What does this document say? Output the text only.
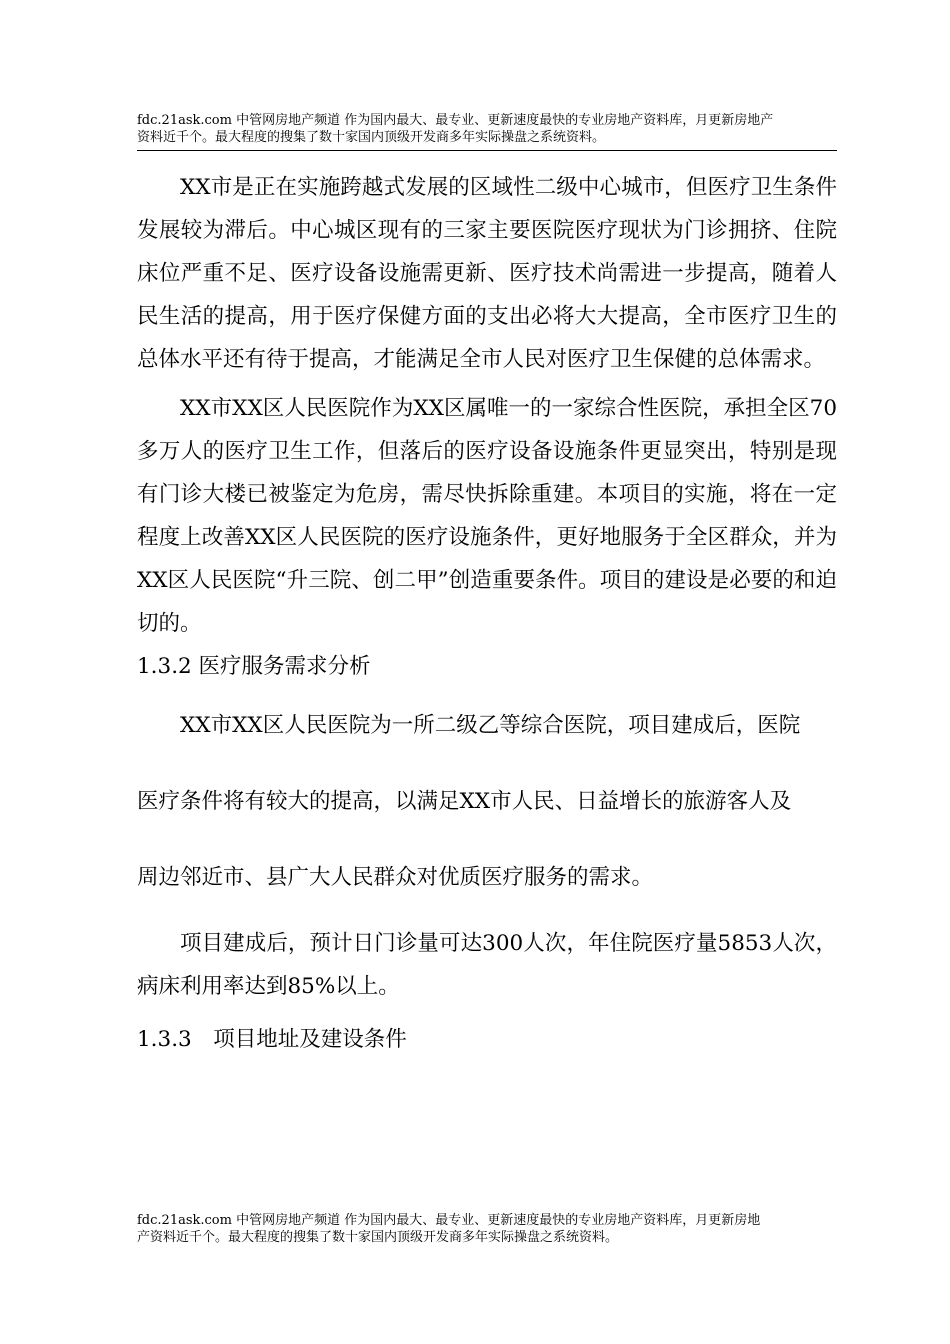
fdc.21ask.com 中管网房地产频道 作为国内最大、最专业、更新速度最快的专业房地产资料库，月更新房地产
资料近千个。最大程度的搜集了数十家国内顶级开发商多年实际操盘之系统资料。

XX市是正在实施跨越式发展的区域性二级中心城市，但医疗卫生条件发展较为滞后。中心城区现有的三家主要医院医疗现状为门诊拥挤、住院床位严重不足、医疗设备设施需更新、医疗技术尚需进一步提高，随着人民生活的提高，用于医疗保健方面的支出必将大大提高，全市医疗卫生的总体水平还有待于提高，才能满足全市人民对医疗卫生保健的总体需求。

XX市XX区人民医院作为XX区属唯一的一家综合性医院，承担全区70多万人的医疗卫生工作，但落后的医疗设备设施条件更显突出，特别是现有门诊大楼已被鉴定为危房，需尽快拆除重建。本项目的实施，将在一定程度上改善XX区人民医院的医疗设施条件，更好地服务于全区群众，并为XX区人民医院“升三院、创二甲”创造重要条件。项目的建设是必要的和迫切的。

1.3.2 医疗服务需求分析

XX市XX区人民医院为一所二级乙等综合医院，项目建成后，医院

医疗条件将有较大的提高，以满足XX市人民、日益增长的旅游客人及

周边邻近市、县广大人民群众对优质医疗服务的需求。

项目建成后，预计日门诊量可达300人次，年住院医疗量5853人次，病床利用率达到85%以上。

1.3.3　项目地址及建设条件

fdc.21ask.com 中管网房地产频道 作为国内最大、最专业、更新速度最快的专业房地产资料库，月更新房地
产资料近千个。最大程度的搜集了数十家国内顶级开发商多年实际操盘之系统资料。
